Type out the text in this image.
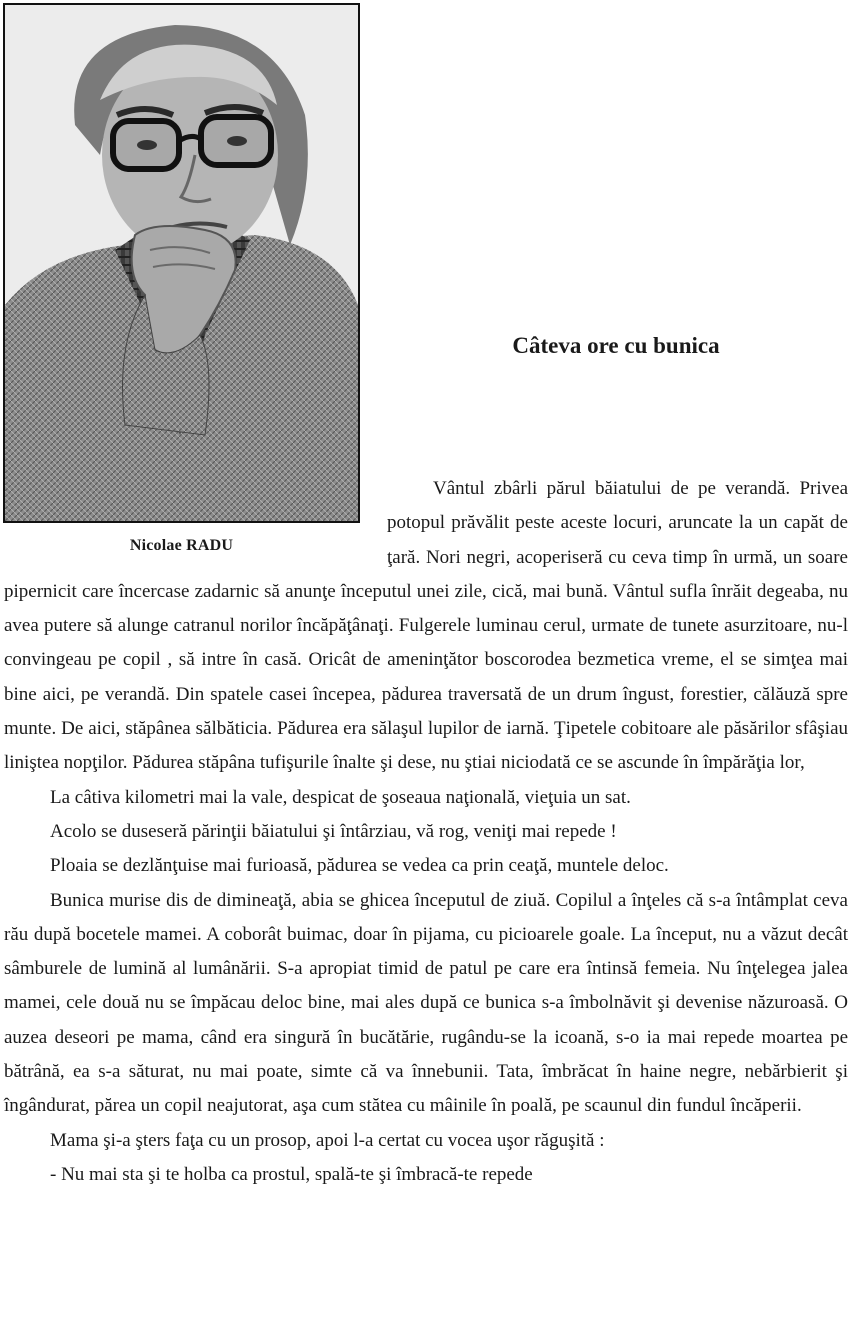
Nicolae RADU
Câteva ore cu bunica

Vântul zbârli părul băiatului de pe verandă. Privea potopul prăvălit peste aceste locuri, aruncate la un capăt de ţară. Nori negri, acoperiseră cu ceva timp în urmă, un soare pipernicit care încercase zadarnic să anunţe începutul unei zile, cică, mai bună. Vântul sufla înrăit degeaba, nu avea putere să alunge catranul norilor încăpăţânaţi. Fulgerele luminau cerul, urmate de tunete asurzitoare, nu-l convingeau pe copil , să intre în casă. Oricât de ameninţător boscorodea bezmetica vreme, el se simţea mai bine aici, pe verandă. Din spatele casei începea, pădurea traversată de un drum îngust, forestier, călăuză spre munte. De aici, stăpânea sălbăticia. Pădurea era sălaşul lupilor de iarnă. Ţipetele cobitoare ale păsărilor sfâşiau liniştea nopţilor. Pădurea stăpâna tufişurile înalte şi dese, nu ştiai niciodată ce se ascunde în împărăţia lor,

La câtiva kilometri mai la vale, despicat de şoseaua naţională, vieţuia un sat.

Acolo se duseseră părinţii băiatului şi întârziau, vă rog, veniţi mai repede !

Ploaia se dezlănţuise mai furioasă, pădurea se vedea ca prin ceaţă, muntele deloc.

Bunica murise dis de dimineaţă, abia se ghicea începutul de ziuă. Copilul a înţeles că s-a întâmplat ceva rău după bocetele mamei. A coborât buimac, doar în pijama, cu picioarele goale. La început, nu a văzut decât sâmburele de lumină al lumânării. S-a apropiat timid de patul pe care era întinsă femeia. Nu înţelegea jalea mamei, cele două nu se împăcau deloc bine, mai ales după ce bunica s-a îmbolnăvit şi devenise năzuroasă. O auzea deseori pe mama, când era singură în bucătărie, rugându-se la icoană, s-o ia mai repede moartea pe bătrână, ea s-a săturat, nu mai poate, simte că va înnebunii. Tata, îmbrăcat în haine negre, nebărbierit şi îngândurat, părea un copil neajutorat, aşa cum stătea cu mâinile în poală, pe scaunul din fundul încăperii.

Mama şi-a şters faţa cu un prosop, apoi l-a certat cu vocea uşor răguşită :

- Nu mai sta şi te holba ca prostul, spală-te şi îmbracă-te repede
